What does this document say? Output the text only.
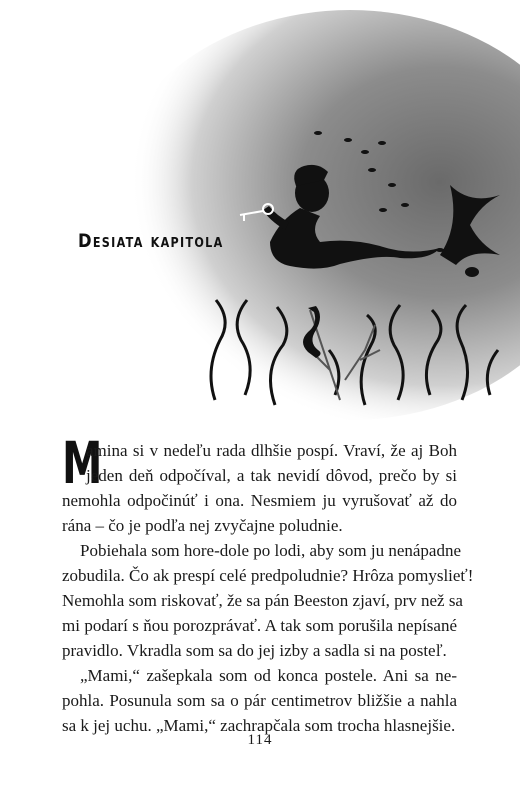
Desiata kapitola
M
amina si v nedeľu rada dlhšie pospí. Vraví, že aj Boh
jeden deň odpočíval, a tak nevidí dôvod, prečo by si
nemohla odpočinúť i ona. Nesmiem ju vyrušovať až do
rána – čo je podľa nej zvyčajne poludnie.
Pobiehala som hore-dole po lodi, aby som ju nenápadne
zobudila. Čo ak prespí celé predpoludnie? Hrôza pomyslieť!
Nemohla som riskovať, že sa pán Beeston zjaví, prv než sa
mi podarí s ňou porozprávať. A tak som porušila nepísané
pravidlo. Vkradla som sa do jej izby a sadla si na posteľ.
„Mami,“ zašepkala som od konca postele. Ani sa ne-
pohla. Posunula som sa o pár centimetrov bližšie a nahla
sa k jej uchu. „Mami,“ zachrapčala som trocha hlasnejšie.
114
